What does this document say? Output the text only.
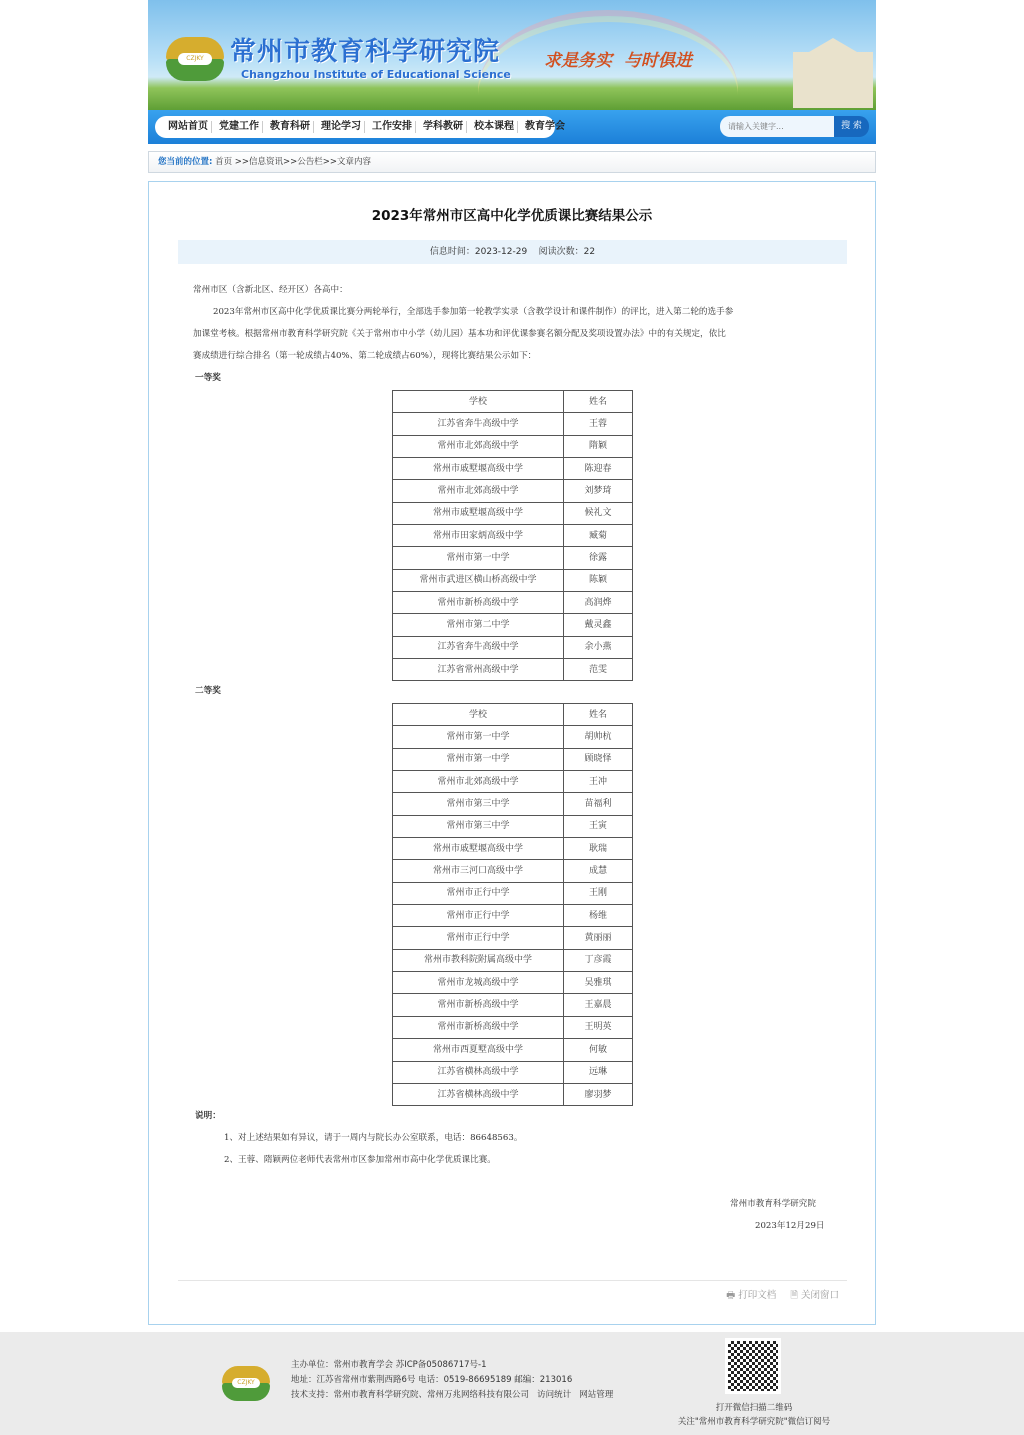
CZJKY	常州市教育科学研究院
Changzhou Institute of Educational Science
求是务实  与时俱进
网站首页	党建工作	教育科研	理论学习	工作安排	学科教研	校本课程	教育学会
请输入关键字...	搜 索
您当前的位置: 首页 >>信息资讯>>公告栏>>文章内容
2023年常州市区高中化学优质课比赛结果公示
信息时间：2023-12-29    阅读次数：22
常州市区（含新北区、经开区）各高中：
2023年常州市区高中化学优质课比赛分两轮举行，全部选手参加第一轮教学实录（含教学设计和课件制作）的评比，进入第二轮的选手参
加课堂考核。根据常州市教育科学研究院《关于常州市中小学（幼儿园）基本功和评优课参赛名额分配及奖项设置办法》中的有关规定，依比
赛成绩进行综合排名（第一轮成绩占40%、第二轮成绩占60%），现将比赛结果公示如下：
一等奖
学校	姓名
江苏省奔牛高级中学	王蓉
常州市北郊高级中学	隋颖
常州市戚墅堰高级中学	陈迎春
常州市北郊高级中学	刘梦琦
常州市戚墅堰高级中学	候礼文
常州市田家炳高级中学	臧菊
常州市第一中学	徐露
常州市武进区横山桥高级中学	陈颖
常州市新桥高级中学	高润烨
常州市第二中学	戴灵鑫
江苏省奔牛高级中学	余小燕
江苏省常州高级中学	范雯
二等奖
学校	姓名
常州市第一中学	胡帅杭
常州市第一中学	顾晓怿
常州市北郊高级中学	王冲
常州市第三中学	苗福利
常州市第三中学	王寅
常州市戚墅堰高级中学	耿瑞
常州市三河口高级中学	成慧
常州市正行中学	王刚
常州市正行中学	杨维
常州市正行中学	黄丽丽
常州市教科院附属高级中学	丁彦霞
常州市龙城高级中学	吴雅琪
常州市新桥高级中学	王嘉晨
常州市新桥高级中学	王明英
常州市西夏墅高级中学	何敏
江苏省横林高级中学	远琳
江苏省横林高级中学	廖羽梦
说明：
1、对上述结果如有异议，请于一周内与院长办公室联系，电话：86648563。
2、王蓉、隋颖两位老师代表常州市区参加常州市高中化学优质课比赛。
常州市教育科学研究院
2023年12月29日
🖶 打印文档 🗎 关闭窗口
CZJKY
主办单位：常州市教育学会 苏ICP备05086717号-1
地址：江苏省常州市紫荆西路6号 电话：0519-86695189 邮编：213016
技术支持：常州市教育科学研究院、常州万兆网络科技有限公司 访问统计 网站管理
打开微信扫描二维码
关注"常州市教育科学研究院"微信订阅号
